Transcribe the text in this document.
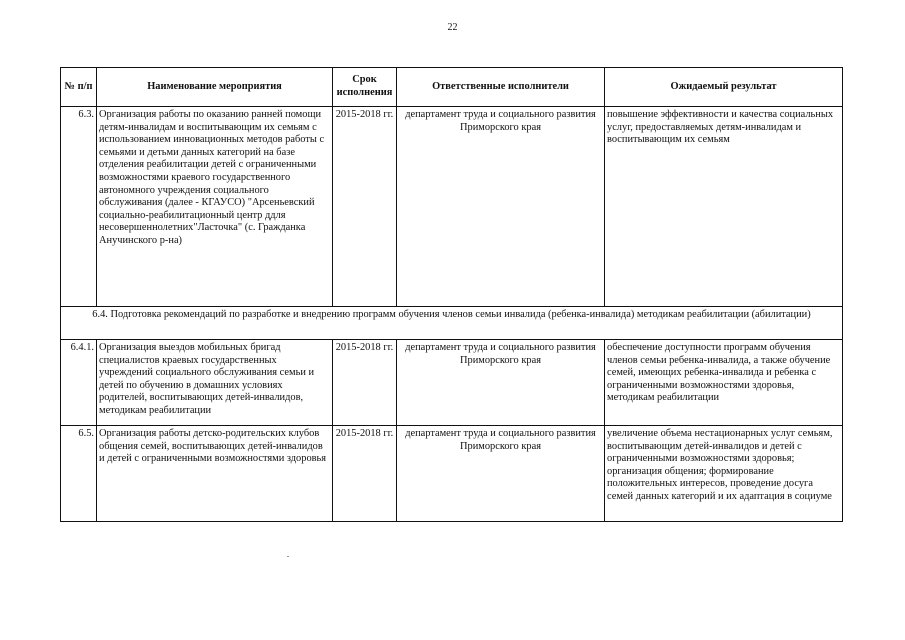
22
№ п/п	Наименование мероприятия	Срок исполнения	Ответственные исполнители	Ожидаемый результат
6.3.	Организация работы по оказанию ранней помощи детям-инвалидам и воспитывающим их семьям с использованием инновационных методов работы с семьями и детьми данных категорий на базе отделения реабилитации детей с ограниченными возможностями краевого государственного автономного учреждения социального обслуживания (далее - КГАУСО) "Арсеньевский социально-реабилитационный центр ддля несовершеннолетних"Ласточка" (с. Гражданка Анучинского р-на)	2015-2018 гг.	департамент труда и социального развития Приморского края	повышение эффективности и качества социальных услуг, предоставляемых детям-инвалидам и воспитывающим их семьям
6.4. Подготовка рекомендаций по разработке и внедрению программ обучения членов семьи инвалида (ребенка-инвалида) методикам реабилитации (абилитации)				
6.4.1.	Организация выездов мобильных бригад специалистов краевых государственных учреждений социального обслуживания семьи и детей по обучению в домашних условиях родителей, воспитывающих детей-инвалидов, методикам реабилитации	2015-2018 гг.	департамент труда и социального развития Приморского края	обеспечение доступности программ обучения членов семьи ребенка-инвалида, а также обучение семей, имеющих ребенка-инвалида и ребенка с ограниченными возможностями здоровья, методикам реабилитации
6.5.	Организация работы детско-родительских клубов общения семей, воспитывающих детей-инвалидов и детей с ограниченными возможностями здоровья	2015-2018 гг.	департамент труда и социального развития Приморского края	увеличение объема нестационарных услуг семьям, воспитывающим детей-инвалидов и детей с ограниченными возможностями здоровья; организация общения; формирование положительных интересов, проведение досуга семей данных категорий и их адаптация в социуме
